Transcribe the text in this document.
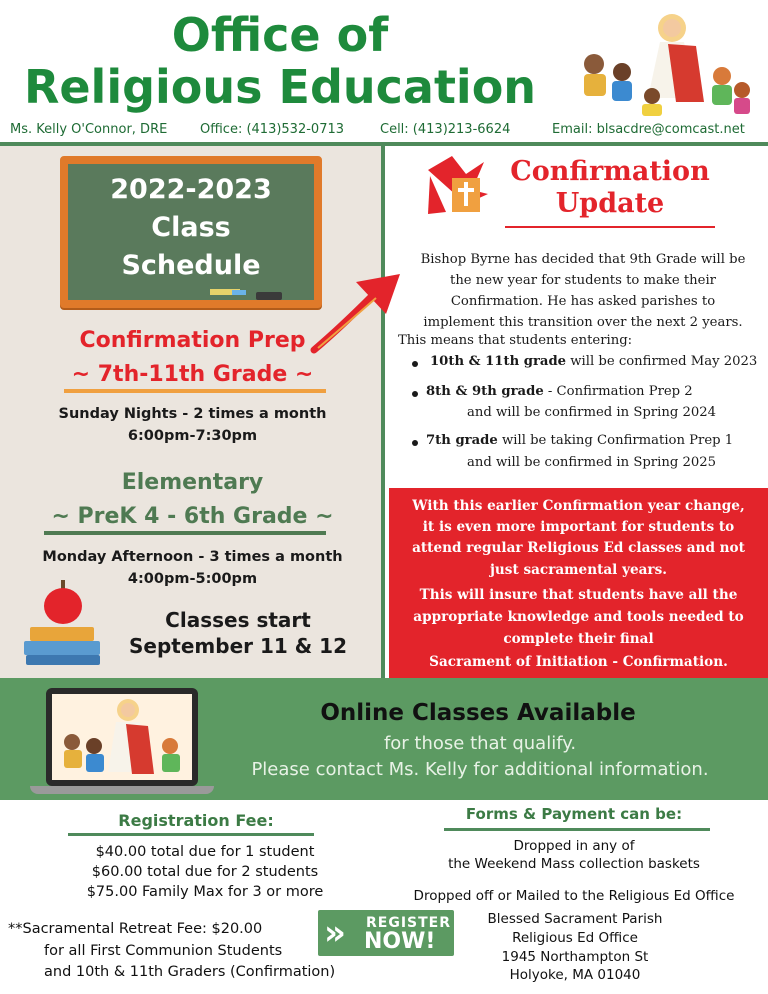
Office of
Religious Education
Ms. Kelly O'Connor, DRE	Office: (413)532-0713	Cell: (413)213-6624	Email: blsacdre@comcast.net
2022-2023
Class
Schedule
Confirmation Prep
~ 7th-11th Grade ~
Sunday Nights - 2 times a month
6:00pm-7:30pm
Elementary
~ PreK 4 - 6th Grade ~
Monday Afternoon - 3 times a month
4:00pm-5:00pm
Classes start
September 11 & 12
Confirmation
Update
Bishop Byrne has decided that 9th Grade will be
the new year for students to make their
Confirmation. He has asked parishes to
implement this transition over the next 2 years.
This means that students entering:
10th & 11th grade will be confirmed May 2023
8th & 9th grade - Confirmation Prep 2
and will be confirmed in Spring 2024
7th grade will be taking Confirmation Prep 1
and will be confirmed in Spring 2025
With this earlier Confirmation year change,
it is even more important for students to
attend regular Religious Ed classes and not
just sacramental years.
This will insure that students have all the
appropriate knowledge and tools needed to
complete their final
Sacrament of Initiation - Confirmation.
Online Classes Available
for those that qualify.
Please contact Ms. Kelly for additional information.
Registration Fee:
$40.00 total due for 1 student
$60.00 total due for 2 students
$75.00 Family Max for 3 or more
**Sacramental Retreat Fee: $20.00
for all First Communion Students
and 10th & 11th Graders (Confirmation)
» REGISTER
NOW!
Forms & Payment can be:
Dropped in any of
the Weekend Mass collection baskets
Dropped off or Mailed to the Religious Ed Office
Blessed Sacrament Parish
Religious Ed Office
1945 Northampton St
Holyoke, MA 01040
